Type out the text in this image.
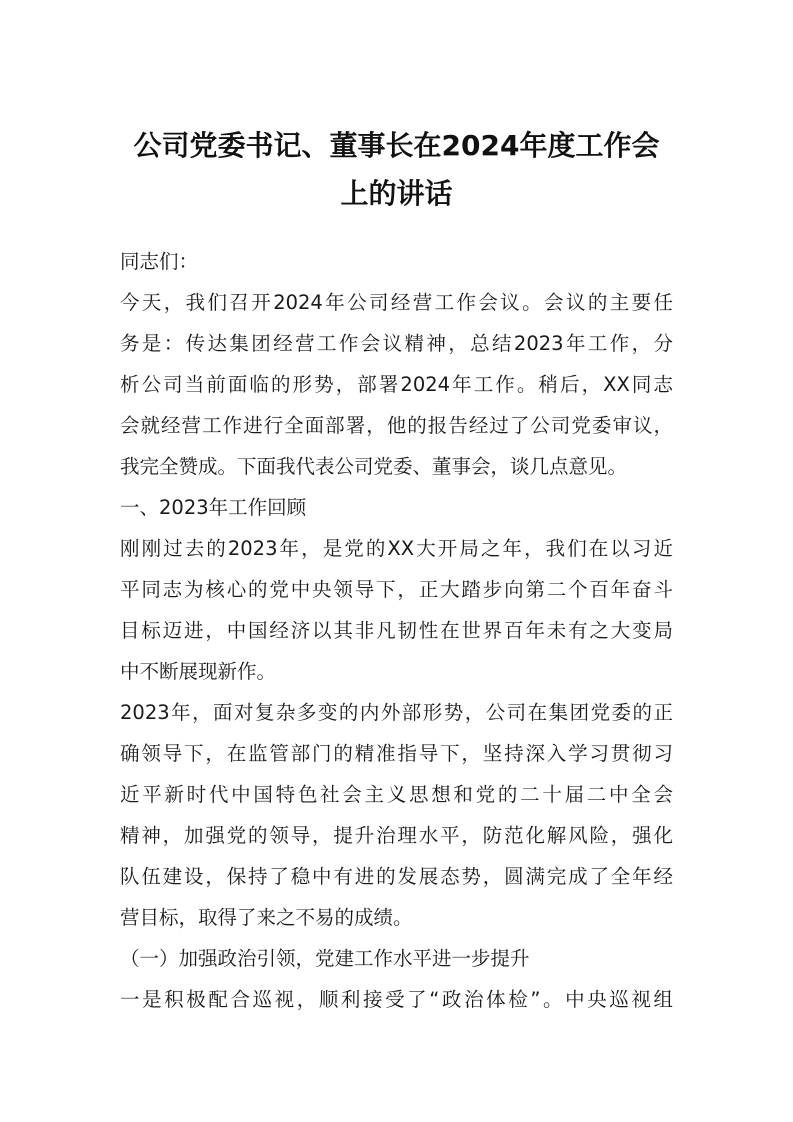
公司党委书记、董事长在2024年度工作会
上的讲话

同志们：

今天，我们召开2024年公司经营工作会议。会议的主要任

务是：传达集团经营工作会议精神，总结2023年工作，分

析公司当前面临的形势，部署2024年工作。稍后，XX同志

会就经营工作进行全面部署，他的报告经过了公司党委审议，

我完全赞成。下面我代表公司党委、董事会，谈几点意见。

一、2023年工作回顾

刚刚过去的2023年，是党的XX大开局之年，我们在以习近

平同志为核心的党中央领导下，正大踏步向第二个百年奋斗

目标迈进，中国经济以其非凡韧性在世界百年未有之大变局

中不断展现新作。

2023年，面对复杂多变的内外部形势，公司在集团党委的正

确领导下，在监管部门的精准指导下，坚持深入学习贯彻习

近平新时代中国特色社会主义思想和党的二十届二中全会

精神，加强党的领导，提升治理水平，防范化解风险，强化

队伍建设，保持了稳中有进的发展态势，圆满完成了全年经

营目标，取得了来之不易的成绩。

（一）加强政治引领，党建工作水平进一步提升

一是积极配合巡视，顺利接受了“政治体检”。中央巡视组
